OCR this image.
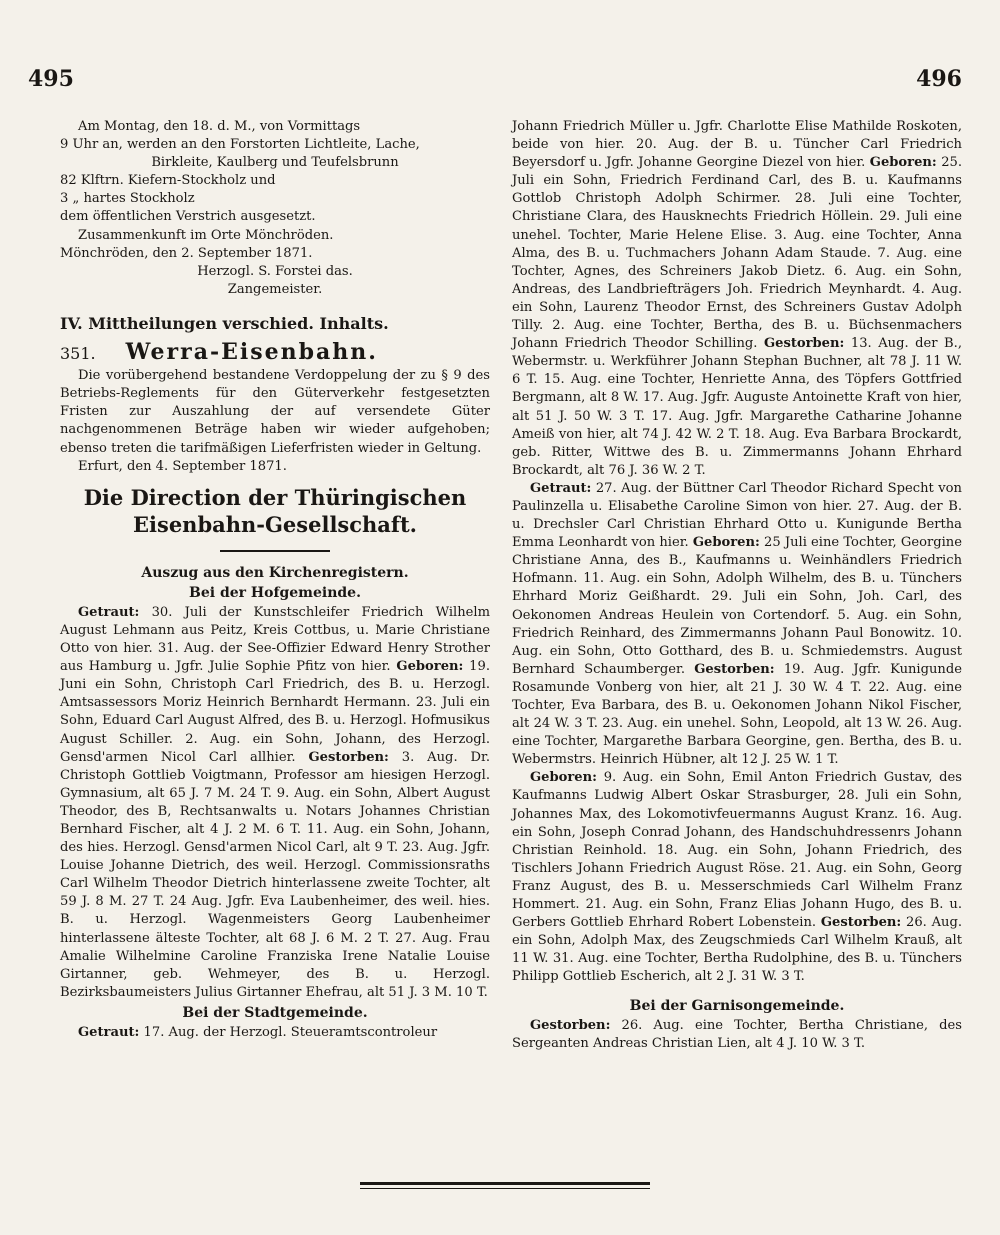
495	496

Am Montag, den 18. d. M., von Vormittags

9 Uhr an, werden an den Forstorten Lichtleite, Lache,

Birkleite, Kaulberg und Teufelsbrunn

82 Klftrn. Kiefern-Stockholz und

3 „ hartes Stockholz

dem öffentlichen Verstrich ausgesetzt.

Zusammenkunft im Orte Mönchröden.

Mönchröden, den 2. September 1871.

Herzogl. S. Forstei das.

Zangemeister.

IV. Mittheilungen verschied. Inhalts.
351. Werra-Eisenbahn.

Die vorübergehend bestandene Verdoppelung der zu § 9 des Betriebs-Reglements für den Güterverkehr festgesetzten Fristen zur Auszahlung der auf versendete Güter nachgenommenen Beträge haben wir wieder aufgehoben; ebenso treten die tarifmäßigen Lieferfristen wieder in Geltung.

Erfurt, den 4. September 1871.

Die Direction der Thüringischen
Eisenbahn-Gesellschaft.
Auszug aus den Kirchenregistern.
Bei der Hofgemeinde.

Getraut: 30. Juli der Kunstschleifer Friedrich Wilhelm August Lehmann aus Peitz, Kreis Cottbus, u. Marie Christiane Otto von hier. 31. Aug. der See-Offizier Edward Henry Strother aus Hamburg u. Jgfr. Julie Sophie Pfitz von hier. Geboren: 19. Juni ein Sohn, Christoph Carl Friedrich, des B. u. Herzogl. Amtsassessors Moriz Heinrich Bernhardt Hermann. 23. Juli ein Sohn, Eduard Carl August Alfred, des B. u. Herzogl. Hofmusikus August Schiller. 2. Aug. ein Sohn, Johann, des Herzogl. Gensd'armen Nicol Carl allhier. Gestorben: 3. Aug. Dr. Christoph Gottlieb Voigtmann, Professor am hiesigen Herzogl. Gymnasium, alt 65 J. 7 M. 24 T. 9. Aug. ein Sohn, Albert August Theodor, des B, Rechtsanwalts u. Notars Johannes Christian Bernhard Fischer, alt 4 J. 2 M. 6 T. 11. Aug. ein Sohn, Johann, des hies. Herzogl. Gensd'armen Nicol Carl, alt 9 T. 23. Aug. Jgfr. Louise Johanne Dietrich, des weil. Herzogl. Commissionsraths Carl Wilhelm Theodor Dietrich hinterlassene zweite Tochter, alt 59 J. 8 M. 27 T. 24 Aug. Jgfr. Eva Laubenheimer, des weil. hies. B. u. Herzogl. Wagenmeisters Georg Laubenheimer hinterlassene älteste Tochter, alt 68 J. 6 M. 2 T. 27. Aug. Frau Amalie Wilhelmine Caroline Franziska Irene Natalie Louise Girtanner, geb. Wehmeyer, des B. u. Herzogl. Bezirksbaumeisters Julius Girtanner Ehefrau, alt 51 J. 3 M. 10 T.

Bei der Stadtgemeinde.

Getraut: 17. Aug. der Herzogl. Steueramtscontroleur

Johann Friedrich Müller u. Jgfr. Charlotte Elise Mathilde Roskoten, beide von hier. 20. Aug. der B. u. Tüncher Carl Friedrich Beyersdorf u. Jgfr. Johanne Georgine Diezel von hier. Geboren: 25. Juli ein Sohn, Friedrich Ferdinand Carl, des B. u. Kaufmanns Gottlob Christoph Adolph Schirmer. 28. Juli eine Tochter, Christiane Clara, des Hausknechts Friedrich Höllein. 29. Juli eine unehel. Tochter, Marie Helene Elise. 3. Aug. eine Tochter, Anna Alma, des B. u. Tuchmachers Johann Adam Staude. 7. Aug. eine Tochter, Agnes, des Schreiners Jakob Dietz. 6. Aug. ein Sohn, Andreas, des Landbriefträgers Joh. Friedrich Meynhardt. 4. Aug. ein Sohn, Laurenz Theodor Ernst, des Schreiners Gustav Adolph Tilly. 2. Aug. eine Tochter, Bertha, des B. u. Büchsenmachers Johann Friedrich Theodor Schilling. Gestorben: 13. Aug. der B., Webermstr. u. Werkführer Johann Stephan Buchner, alt 78 J. 11 W. 6 T. 15. Aug. eine Tochter, Henriette Anna, des Töpfers Gottfried Bergmann, alt 8 W. 17. Aug. Jgfr. Auguste Antoinette Kraft von hier, alt 51 J. 50 W. 3 T. 17. Aug. Jgfr. Margarethe Catharine Johanne Ameiß von hier, alt 74 J. 42 W. 2 T. 18. Aug. Eva Barbara Brockardt, geb. Ritter, Wittwe des B. u. Zimmermanns Johann Ehrhard Brockardt, alt 76 J. 36 W. 2 T.

Getraut: 27. Aug. der Büttner Carl Theodor Richard Specht von Paulinzella u. Elisabethe Caroline Simon von hier. 27. Aug. der B. u. Drechsler Carl Christian Ehrhard Otto u. Kunigunde Bertha Emma Leonhardt von hier. Geboren: 25 Juli eine Tochter, Georgine Christiane Anna, des B., Kaufmanns u. Weinhändlers Friedrich Hofmann. 11. Aug. ein Sohn, Adolph Wilhelm, des B. u. Tünchers Ehrhard Moriz Geißhardt. 29. Juli ein Sohn, Joh. Carl, des Oekonomen Andreas Heulein von Cortendorf. 5. Aug. ein Sohn, Friedrich Reinhard, des Zimmermanns Johann Paul Bonowitz. 10. Aug. ein Sohn, Otto Gotthard, des B. u. Schmiedemstrs. August Bernhard Schaumberger. Gestorben: 19. Aug. Jgfr. Kunigunde Rosamunde Vonberg von hier, alt 21 J. 30 W. 4 T. 22. Aug. eine Tochter, Eva Barbara, des B. u. Oekonomen Johann Nikol Fischer, alt 24 W. 3 T. 23. Aug. ein unehel. Sohn, Leopold, alt 13 W. 26. Aug. eine Tochter, Margarethe Barbara Georgine, gen. Bertha, des B. u. Webermstrs. Heinrich Hübner, alt 12 J. 25 W. 1 T.

Geboren: 9. Aug. ein Sohn, Emil Anton Friedrich Gustav, des Kaufmanns Ludwig Albert Oskar Strasburger, 28. Juli ein Sohn, Johannes Max, des Lokomotivfeuermanns August Kranz. 16. Aug. ein Sohn, Joseph Conrad Johann, des Handschuhdressenrs Johann Christian Reinhold. 18. Aug. ein Sohn, Johann Friedrich, des Tischlers Johann Friedrich August Röse. 21. Aug. ein Sohn, Georg Franz August, des B. u. Messerschmieds Carl Wilhelm Franz Hommert. 21. Aug. ein Sohn, Franz Elias Johann Hugo, des B. u. Gerbers Gottlieb Ehrhard Robert Lobenstein. Gestorben: 26. Aug. ein Sohn, Adolph Max, des Zeugschmieds Carl Wilhelm Krauß, alt 11 W. 31. Aug. eine Tochter, Bertha Rudolphine, des B. u. Tünchers Philipp Gottlieb Escherich, alt 2 J. 31 W. 3 T.

Bei der Garnisongemeinde.

Gestorben: 26. Aug. eine Tochter, Bertha Christiane, des Sergeanten Andreas Christian Lien, alt 4 J. 10 W. 3 T.
